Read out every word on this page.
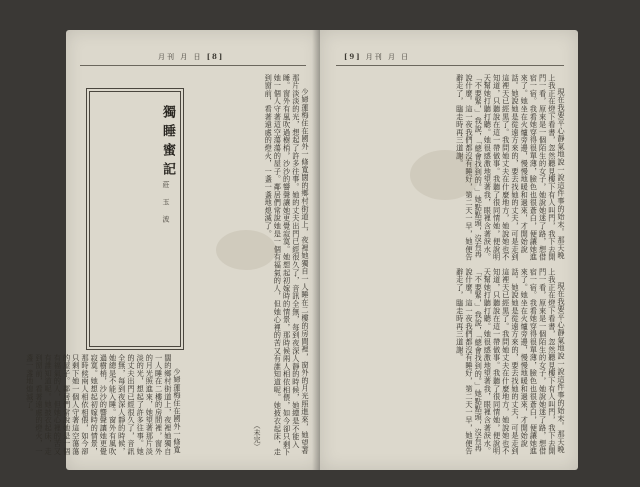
月刊 月 日 [8]
獨睡蜜記
莊 玉 波	少婦蓮梅住在國外一條寬闊的鄉村街道上，夜裡她獨自一人睡在二樓的房間裡，窗外的月光照進來，她望著那片淡淡的光，想起了許多往事。她的丈夫出門已經很久了，音訊全無，每到夜深人靜的時候，她總是不能入睡。窗外有風吹過樹梢，沙沙的響聲讓她更覺寂寞。她想起初嫁時的情景，那時候兩人相依相偎，如今卻只剩下她一個人守著這空蕩蕩的屋子。鄰居們常說她是一個有福氣的人，但她心裡的苦又有誰知道呢。她披衣起床，走到窗前，看著遠處的燈火，一盞一盞地熄滅了。

少婦蓮梅住在國外一條寬闊的鄉村街道上，夜裡她獨自一人睡在二樓的房間裡，窗外的月光照進來，她望著那片淡淡的光，想起了許多往事。她的丈夫出門已經很久了，音訊全無，每到夜深人靜的時候，她總是不能入睡。窗外有風吹過樹梢，沙沙的響聲讓她更覺寂寞。她想起初嫁時的情景，那時候兩人相依相偎，如今卻只剩下她一個人守著這空蕩蕩的屋子。鄰居們常說她是一個有福氣的人，但她心裡的苦又有誰知道呢。她披衣起床，走到窗前，看著遠處的燈火，一盞一盞地熄滅了。

（未完）
[9] 月刊 月 日

現在我要平心靜氣地說一說這件事的始末。那天晚上我正在燈下看書，忽然聽見樓下有人叫門，我下去開門一看，原來是一個陌生的女子，她說她迷了路，想借宿一宿。我看她穿得很單薄，臉色也很蒼白，便讓她進來了。她坐在火爐旁邊，慢慢地暖和過來，才開始說話。她說她是從遠方來的，要去找她的丈夫，可是走到這裡天已經黑了。我問她丈夫在什麼地方，她說她也不知道，只聽說在這一帶做事。我聽了很同情她，便說明天幫她打聽打聽。她很感激地望著我，眼裡含著淚水。「不要緊，」我說，「總會找到的。」她點點頭，沒有再說什麼。這一夜我們都沒有睡好，第二天一早，她便告辭走了，臨走時再三道謝。

現在我要平心靜氣地說一說這件事的始末。那天晚上我正在燈下看書，忽然聽見樓下有人叫門，我下去開門一看，原來是一個陌生的女子，她說她迷了路，想借宿一宿。我看她穿得很單薄，臉色也很蒼白，便讓她進來了。她坐在火爐旁邊，慢慢地暖和過來，才開始說話。她說她是從遠方來的，要去找她的丈夫，可是走到這裡天已經黑了。我問她丈夫在什麼地方，她說她也不知道，只聽說在這一帶做事。我聽了很同情她，便說明天幫她打聽打聽。她很感激地望著我，眼裡含著淚水。「不要緊，」我說，「總會找到的。」她點點頭，沒有再說什麼。這一夜我們都沒有睡好，第二天一早，她便告辭走了，臨走時再三道謝。
